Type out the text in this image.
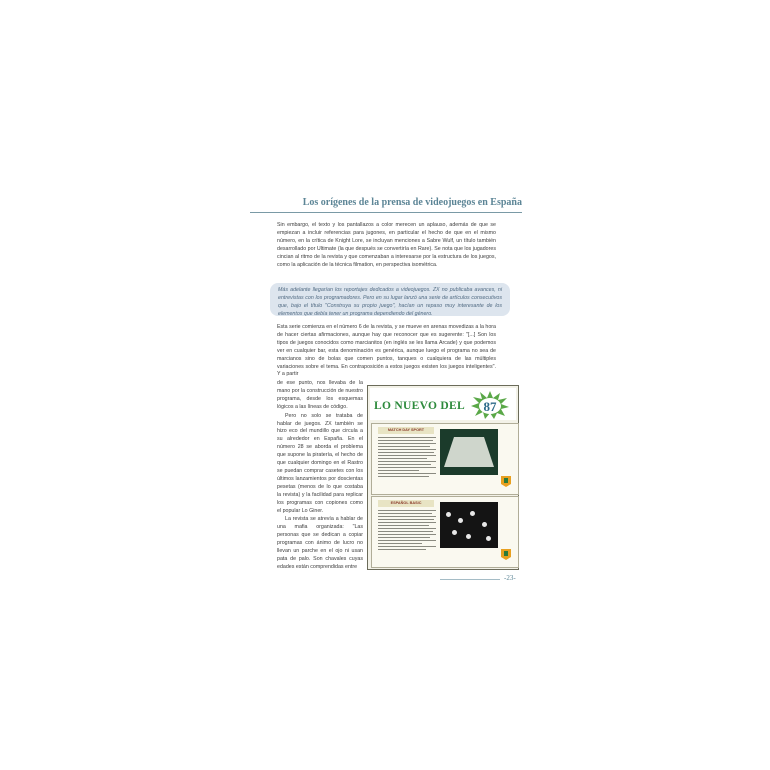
Los orígenes de la prensa de videojuegos en España
Sin embargo, el texto y los pantallazos a color merecen un aplauso, además de que se empiezan a incluir referencias para jugones, en particular el hecho de que en el mismo número, en la crítica de Knight Lore, se incluyan menciones a Sabre Wulf, un título también desarrollado por Ultimate (la que después se convertiría en Rare). Se nota que los jugadores cincian al ritmo de la revista y que comenzaban a interesarse por la estructura de los juegos, como la aplicación de la técnica filmation, en perspectiva isométrica.
Más adelante llegarían los reportajes dedicados a videojuegos. ZX no publicaba avances, ni entrevistas con los programadores. Pero en su lugar lanzó una serie de artículos consecutivos que, bajo el título "Construya su propio juego", hacían un repaso muy interesante de los elementos que debía tener un programa dependiendo del género.
Esta serie comienza en el número 6 de la revista, y se mueve en arenas movedizas a la hora de hacer ciertas afirmaciones, aunque hay que reconocer que es sugerente: "[...] Son los tipos de juegos conocidos como marcianitos (en inglés se les llama Arcade) y que podemos ver en cualquier bar, esta denominación es genérica, aunque luego el programa no sea de marcianos sino de bolas que comen puntos, tanques o cualquiera de las múltiples variaciones sobre el tema. En contraposición a estos juegos existen los juegos inteligentes". Y a partir
de ese punto, nos llevaba de la mano por la construcción de nuestro programa, desde los esquemas lógicos a las líneas de código.
Pero no solo se trataba de hablar de juegos. ZX también se hizo eco del mundillo que circula a su alrededor en España. En el número 28 se aborda el problema que supone la piratería, el hecho de que cualquier domingo en el Rastro se puedan comprar casetes con los últimos lanzamientos por doscientas pesetas (menos de lo que costaba la revista) y la facilidad para replicar los programas con copiones como el popular Lo Giner.
La revista se atrevía a hablar de una mafia organizada: "Las personas que se dedican a copiar programas con ánimo de lucro no llevan un parche en el ojo ni usan pata de palo. Son chavales cuyas edades están comprendidas entre
LO NUEVO DEL 87
MATCH DAY SPORT
ESPAÑOL BASIC
-23-
